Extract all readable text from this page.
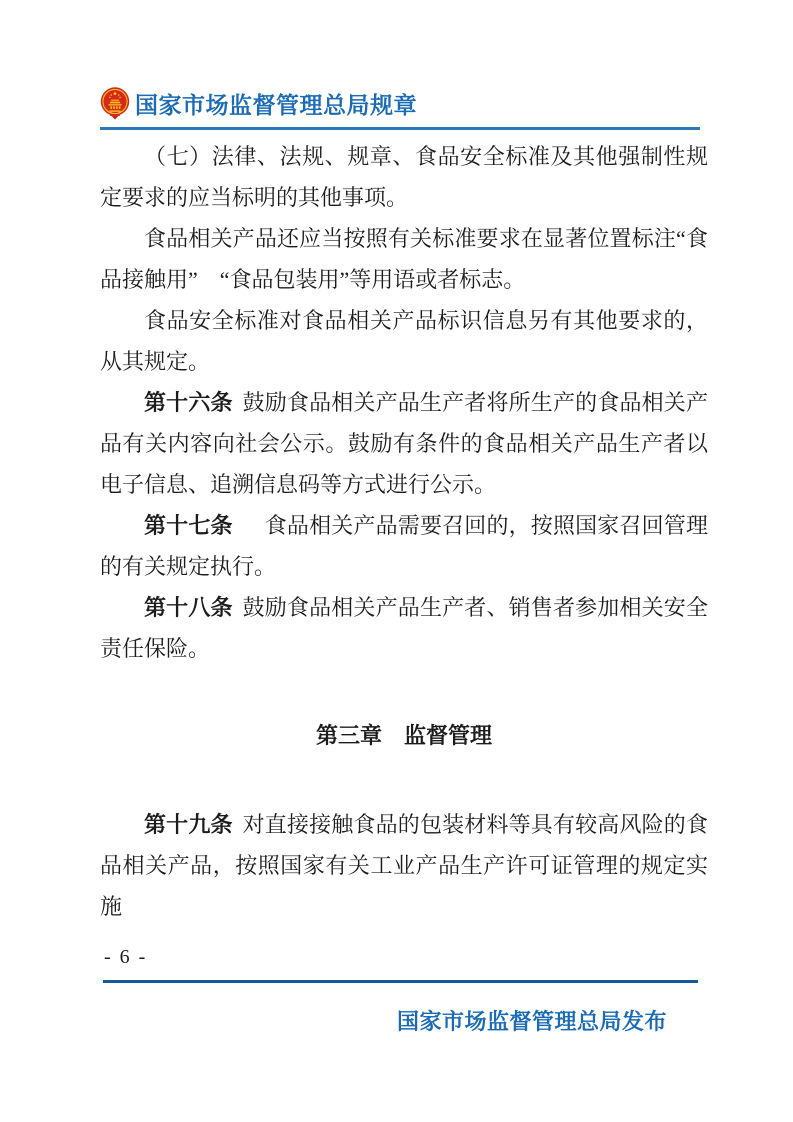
国家市场监督管理总局规章

（七）法律、法规、规章、食品安全标准及其他强制性规定要求的应当标明的其他事项。

食品相关产品还应当按照有关标准要求在显著位置标注“食品接触用”　“食品包装用”等用语或者标志。

食品安全标准对食品相关产品标识信息另有其他要求的，从其规定。

第十六条 鼓励食品相关产品生产者将所生产的食品相关产品有关内容向社会公示。鼓励有条件的食品相关产品生产者以电子信息、追溯信息码等方式进行公示。

第十七条　食品相关产品需要召回的，按照国家召回管理的有关规定执行。

第十八条 鼓励食品相关产品生产者、销售者参加相关安全责任保险。

第三章　监督管理

第十九条 对直接接触食品的包装材料等具有较高风险的食品相关产品，按照国家有关工业产品生产许可证管理的规定实施

- 6 -
国家市场监督管理总局发布
